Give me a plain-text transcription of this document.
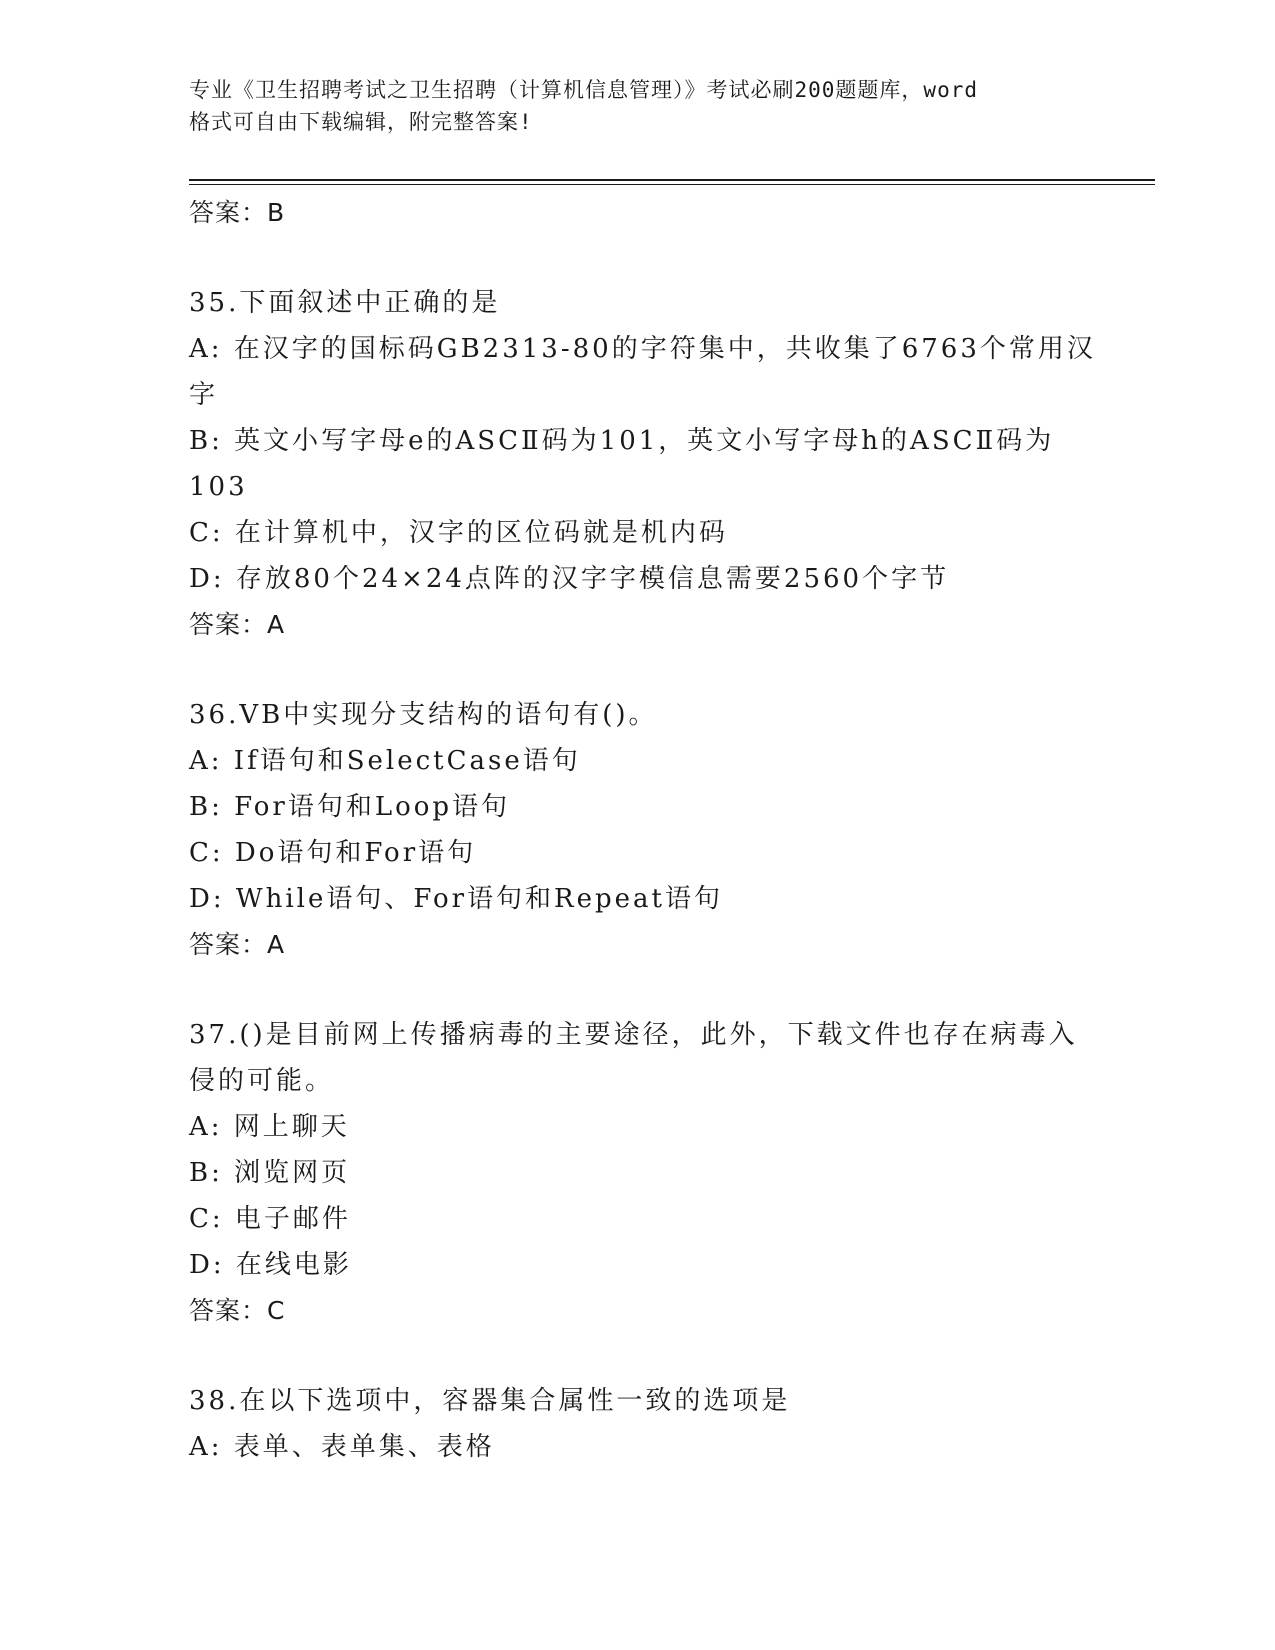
专业《卫生招聘考试之卫生招聘（计算机信息管理）》考试必刷200题题库，word
格式可自由下载编辑，附完整答案!
答案：B
35.下面叙述中正确的是
A: 在汉字的国标码GB2313-80的字符集中，共收集了6763个常用汉
字
B: 英文小写字母e的ASCⅡ码为101，英文小写字母h的ASCⅡ码为
103
C: 在计算机中，汉字的区位码就是机内码
D: 存放80个24×24点阵的汉字字模信息需要2560个字节
答案：A
36.VB中实现分支结构的语句有()。
A: If语句和SelectCase语句
B: For语句和Loop语句
C: Do语句和For语句
D: While语句、For语句和Repeat语句
答案：A
37.()是目前网上传播病毒的主要途径，此外，下载文件也存在病毒入
侵的可能。
A: 网上聊天
B: 浏览网页
C: 电子邮件
D: 在线电影
答案：C
38.在以下选项中，容器集合属性一致的选项是
A: 表单、表单集、表格
